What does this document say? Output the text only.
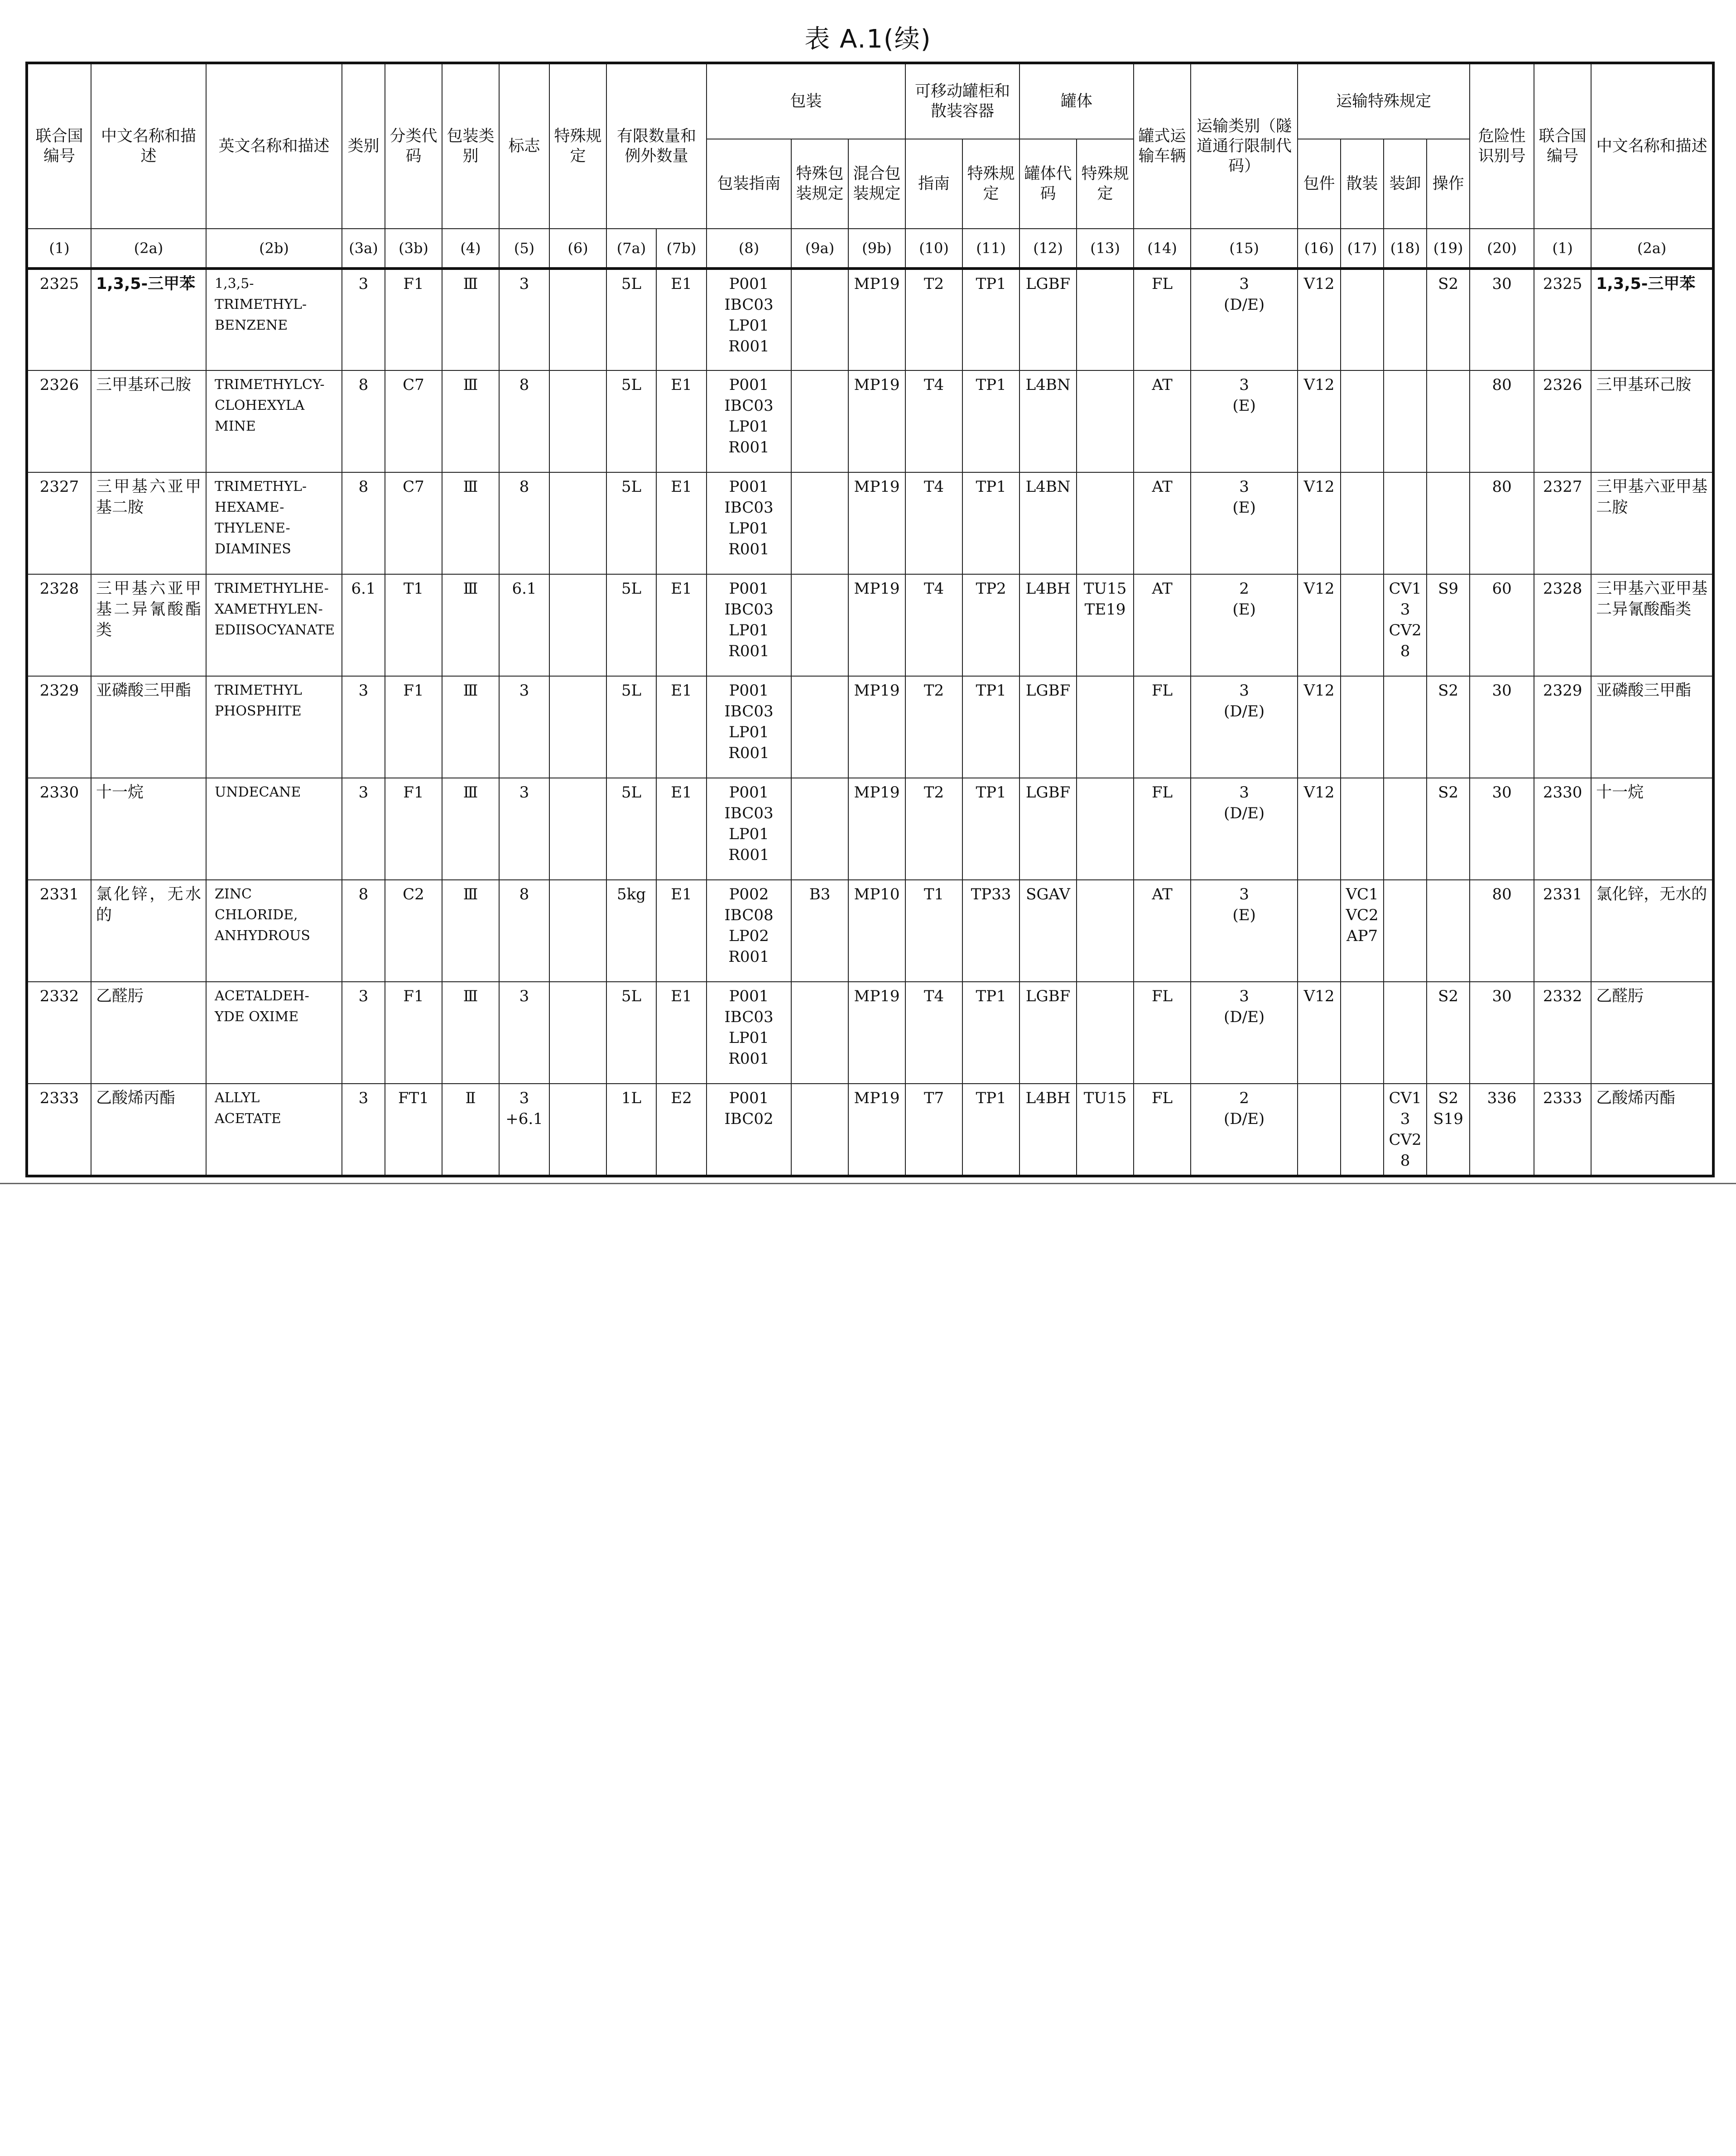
表 A.1(续)
联合国编号	中文名称和描述	英文名称和描述	类别	分类代码	包装类别	标志	特殊规定	有限数量和例外数量		包装			可移动罐柜和散装容器		罐体		罐式运输车辆	运输类别（隧道通行限制代码）	运输特殊规定				危险性识别号	联合国编号	中文名称和描述
										包装指南	特殊包装规定	混合包装规定	指南	特殊规定	罐体代码	特殊规定			包件	散装	装卸	操作			
(1)	(2a)	(2b)	(3a)	(3b)	(4)	(5)	(6)	(7a)	(7b)	(8)	(9a)	(9b)	(10)	(11)	(12)	(13)	(14)	(15)	(16)	(17)	(18)	(19)	(20)	(1)	(2a)
2325	1,3,5-三甲苯	1,3,5-
TRIMETHYL-
BENZENE	3	F1	Ⅲ	3		5L	E1	P001
IBC03
LP01
R001		MP19	T2	TP1	LGBF		FL	3
(D/E)	V12			S2	30	2325	1,3,5-三甲苯
2326	三甲基环己胺	TRIMETHYLCY-
CLOHEXYLA
MINE	8	C7	Ⅲ	8		5L	E1	P001
IBC03
LP01
R001		MP19	T4	TP1	L4BN		AT	3
(E)	V12				80	2326	三甲基环己胺
2327	三甲基六亚甲基二胺	TRIMETHYL-
HEXAME-
THYLENE-
DIAMINES	8	C7	Ⅲ	8		5L	E1	P001
IBC03
LP01
R001		MP19	T4	TP1	L4BN		AT	3
(E)	V12				80	2327	三甲基六亚甲基二胺
2328	三甲基六亚甲基二异氰酸酯类	TRIMETHYLHE-
XAMETHYLEN-
EDIISOCYANATE	6.1	T1	Ⅲ	6.1		5L	E1	P001
IBC03
LP01
R001		MP19	T4	TP2	L4BH	TU15
TE19	AT	2
(E)	V12		CV13
CV28	S9	60	2328	三甲基六亚甲基二异氰酸酯类
2329	亚磷酸三甲酯	TRIMETHYL
PHOSPHITE	3	F1	Ⅲ	3		5L	E1	P001
IBC03
LP01
R001		MP19	T2	TP1	LGBF		FL	3
(D/E)	V12			S2	30	2329	亚磷酸三甲酯
2330	十一烷	UNDECANE	3	F1	Ⅲ	3		5L	E1	P001
IBC03
LP01
R001		MP19	T2	TP1	LGBF		FL	3
(D/E)	V12			S2	30	2330	十一烷
2331	氯化锌，无水的	ZINC
CHLORIDE,
ANHYDROUS	8	C2	Ⅲ	8		5kg	E1	P002
IBC08
LP02
R001	B3	MP10	T1	TP33	SGAV		AT	3
(E)		VC1
VC2
AP7			80	2331	氯化锌，无水的
2332	乙醛肟	ACETALDEH-
YDE OXIME	3	F1	Ⅲ	3		5L	E1	P001
IBC03
LP01
R001		MP19	T4	TP1	LGBF		FL	3
(D/E)	V12			S2	30	2332	乙醛肟
2333	乙酸烯丙酯	ALLYL
ACETATE	3	FT1	Ⅱ	3
+6.1		1L	E2	P001
IBC02		MP19	T7	TP1	L4BH	TU15	FL	2
(D/E)			CV13
CV28	S2
S19	336	2333	乙酸烯丙酯
